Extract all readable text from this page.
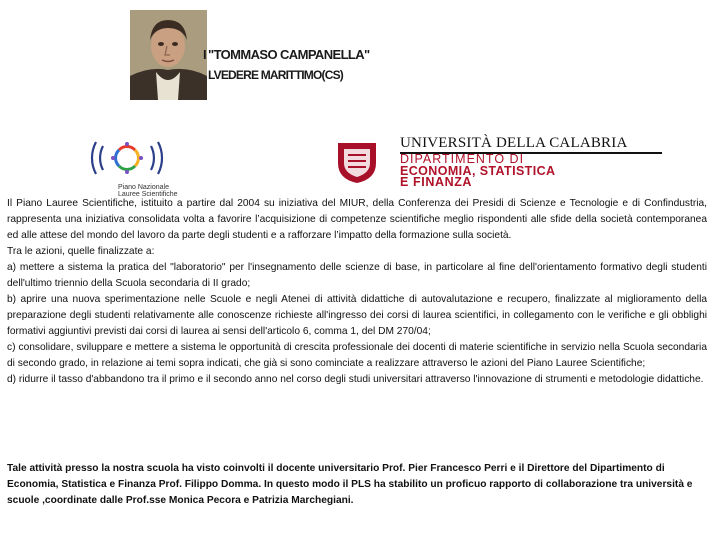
I "TOMMASO CAMPANELLA"
LVEDERE MARITTIMO(CS)
Piano Nazionale
Lauree Scientifiche
UNIVERSITÀ DELLA CALABRIA
DIPARTIMENTO DI
ECONOMIA, STATISTICA
E FINANZA

Il Piano Lauree Scientifiche, istituito a partire dal 2004 su iniziativa del MIUR, della Conferenza dei Presidi di Scienze e Tecnologie e di Confindustria, rappresenta una iniziativa consolidata volta a favorire l’acquisizione di competenze scientifiche meglio rispondenti alle sfide della società contemporanea ed alle attese del mondo del lavoro da parte degli studenti e a rafforzare l’impatto della formazione sulla società.

Tra le azioni, quelle finalizzate a:

a) mettere a sistema la pratica del "laboratorio" per l'insegnamento delle scienze di base, in particolare al fine dell'orientamento formativo degli studenti dell'ultimo triennio della Scuola secondaria di II grado;

b) aprire una nuova sperimentazione nelle Scuole e negli Atenei di attività didattiche di autovalutazione e recupero, finalizzate al miglioramento della preparazione degli studenti relativamente alle conoscenze richieste all'ingresso dei corsi di laurea scientifici, in collegamento con le verifiche e gli obblighi formativi aggiuntivi previsti dai corsi di laurea ai sensi dell'articolo 6, comma 1, del DM 270/04;

c) consolidare, sviluppare e mettere a sistema le opportunità di crescita professionale dei docenti di materie scientifiche in servizio nella Scuola secondaria di secondo grado, in relazione ai temi sopra indicati, che già si sono cominciate a realizzare attraverso le azioni del Piano Lauree Scientifiche;

d) ridurre il tasso d'abbandono tra il primo e il secondo anno nel corso degli studi universitari attraverso l'innovazione di strumenti e metodologie didattiche.

Tale attività presso la nostra scuola ha visto coinvolti il docente universitario Prof. Pier Francesco Perri e il Direttore del Dipartimento di Economia, Statistica e Finanza Prof. Filippo Domma. In questo modo il PLS ha stabilito un proficuo rapporto di collaborazione tra università e scuole ,coordinate dalle Prof.sse Monica Pecora e Patrizia Marchegiani.
